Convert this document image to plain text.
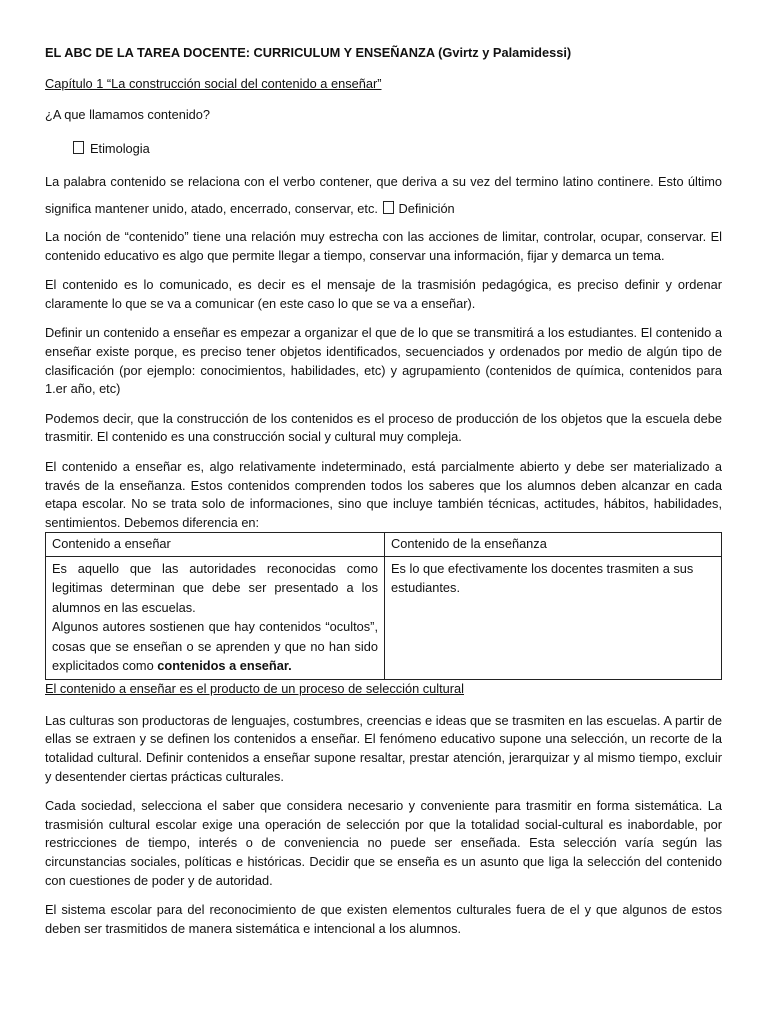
EL ABC DE LA TAREA DOCENTE: CURRICULUM Y ENSEÑANZA (Gvirtz y Palamidessi)
Capítulo 1 “La construcción social del contenido a enseñar”
¿A que llamamos contenido?
Etimologia

La palabra contenido se relaciona con el verbo contener, que deriva a su vez del termino latino continere. Esto último significa mantener unido, atado, encerrado, conservar, etc. Definición

La noción de “contenido” tiene una relación muy estrecha con las acciones de limitar, controlar, ocupar, conservar. El contenido educativo es algo que permite llegar a tiempo, conservar una información, fijar y demarca un tema.

El contenido es lo comunicado, es decir es el mensaje de la trasmisión pedagógica, es preciso definir y ordenar claramente lo que se va a comunicar (en este caso lo que se va a enseñar).

Definir un contenido a enseñar es empezar a organizar el que de lo que se transmitirá a los estudiantes. El contenido a enseñar existe porque, es preciso tener objetos identificados, secuenciados y ordenados por medio de algún tipo de clasificación (por ejemplo: conocimientos, habilidades, etc) y agrupamiento (contenidos de química, contenidos para 1.er año, etc)

Podemos decir, que la construcción de los contenidos es el proceso de producción de los objetos que la escuela debe trasmitir. El contenido es una construcción social y cultural muy compleja.

El contenido a enseñar es, algo relativamente indeterminado, está parcialmente abierto y debe ser materializado a través de la enseñanza. Estos contenidos comprenden todos los saberes que los alumnos deben alcanzar en cada etapa escolar. No se trata solo de informaciones, sino que incluye también técnicas, actitudes, hábitos, habilidades, sentimientos. Debemos diferencia en:

Contenido a enseñar	Contenido de la enseñanza

Es aquello que las autoridades reconocidas como legitimas determinan que debe ser presentado a los alumnos en las escuelas.
Algunos autores sostienen que hay contenidos “ocultos”, cosas que se enseñan o se aprenden y que no han sido explicitados como contenidos a enseñar.	Es lo que efectivamente los docentes trasmiten a sus estudiantes.
El contenido a enseñar es el producto de un proceso de selección cultural

Las culturas son productoras de lenguajes, costumbres, creencias e ideas que se trasmiten en las escuelas. A partir de ellas se extraen y se definen los contenidos a enseñar. El fenómeno educativo supone una selección, un recorte de la totalidad cultural. Definir contenidos a enseñar supone resaltar, prestar atención, jerarquizar y al mismo tiempo, excluir y desentender ciertas prácticas culturales.

Cada sociedad, selecciona el saber que considera necesario y conveniente para trasmitir en forma sistemática. La trasmisión cultural escolar exige una operación de selección por que la totalidad social-cultural es inabordable, por restricciones de tiempo, interés o de conveniencia no puede ser enseñada. Esta selección varía según las circunstancias sociales, políticas e históricas. Decidir que se enseña es un asunto que liga la selección del contenido con cuestiones de poder y de autoridad.

El sistema escolar para del reconocimiento de que existen elementos culturales fuera de el y que algunos de estos deben ser trasmitidos de manera sistemática e intencional a los alumnos.
